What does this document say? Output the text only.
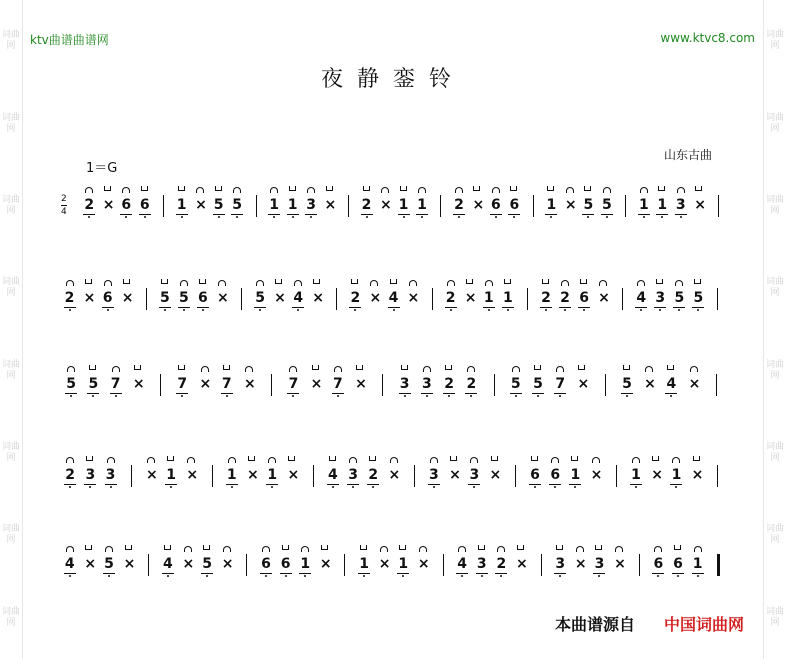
词曲网
词曲网
词曲网
词曲网
词曲网
词曲网
词曲网
词曲网
词曲网
词曲网
词曲网
词曲网
词曲网
词曲网
词曲网
词曲网
ktv曲谱曲谱网	www.ktvc8.com
夜静銮铃
山东古曲
1＝G
2
4 2 × 6 6 1 × 5 5 1 1 3 × 2 × 1 1 2 × 6 6 1 × 5 5 1 1 3 ×
2 × 6 × 5 5 6 × 5 × 4 × 2 × 4 × 2 × 1 1 2 2 6 × 4 3 5 5
5 5 7 × 7 × 7 × 7 × 7 × 3 3 2 2 5 5 7 × 5 × 4 ×
2 3 3 × 1 × 1 × 1 × 4 3 2 × 3 × 3 × 6 6 1 × 1 × 1 ×
4 × 5 × 4 × 5 × 6 6 1 × 1 × 1 × 4 3 2 × 3 × 3 × 6 6 1
本曲谱源自 中国词曲网
